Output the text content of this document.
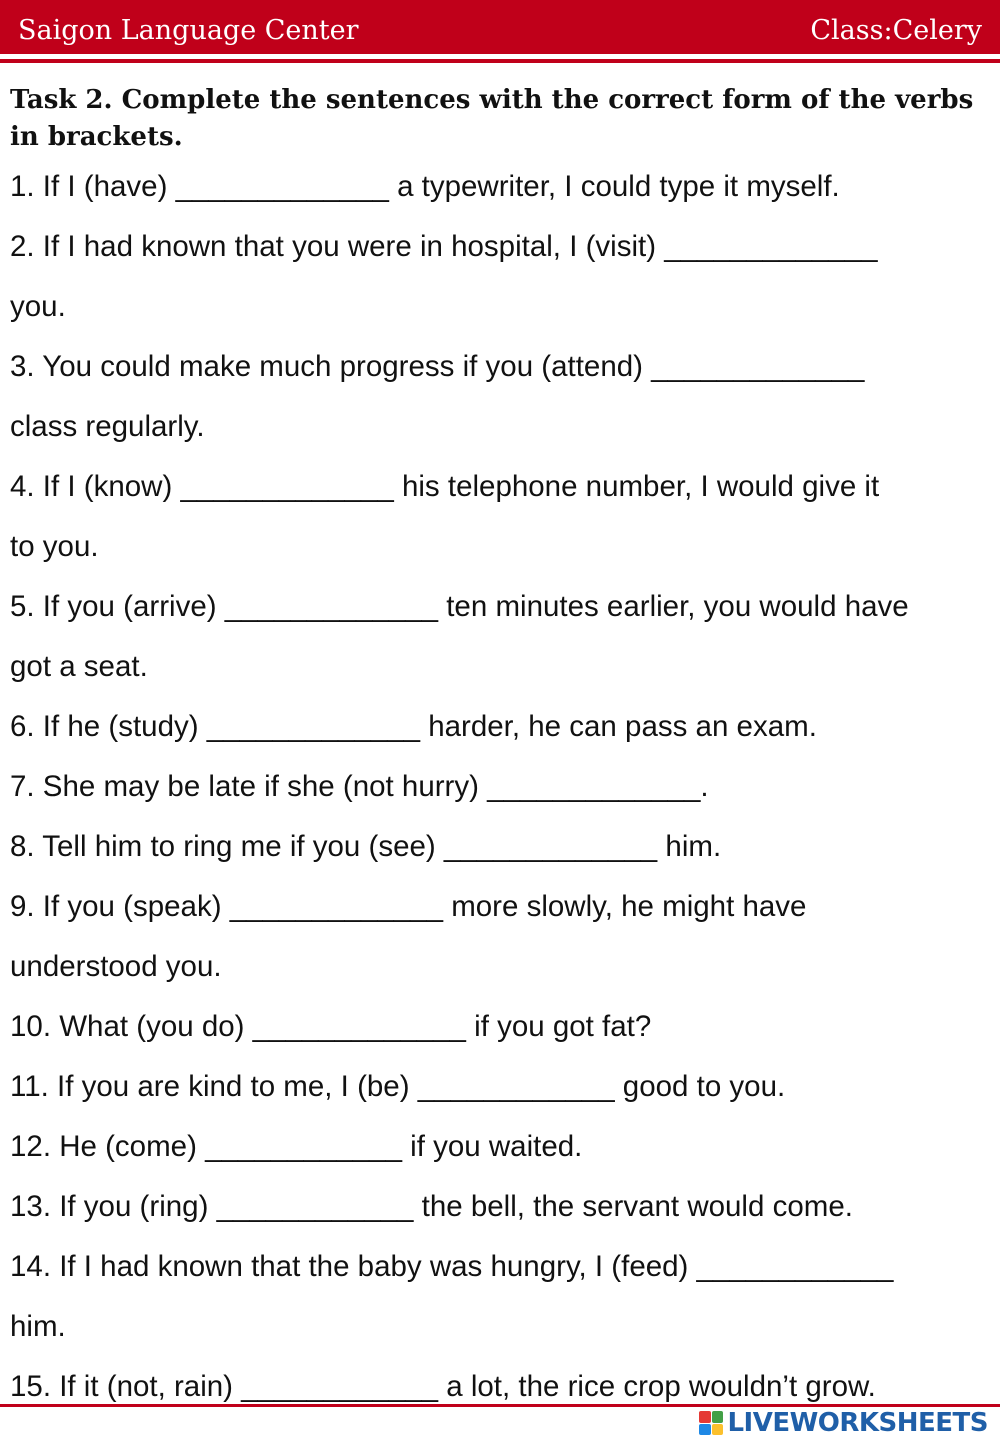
Saigon Language Center	Class:Celery
Task 2. Complete the sentences with the correct form of the verbs in brackets.
1. If I (have) _____________ a typewriter, I could type it myself.
2. If I had known that you were in hospital, I (visit) _____________
you.
3. You could make much progress if you (attend) _____________
class regularly.
4. If I (know) _____________ his telephone number, I would give it
to you.
5. If you (arrive) _____________ ten minutes earlier, you would have
got a seat.
6. If he (study) _____________ harder, he can pass an exam.
7. She may be late if she (not hurry) _____________.
8. Tell him to ring me if you (see) _____________ him.
9. If you (speak) _____________ more slowly, he might have
understood you.
10. What (you do) _____________ if you got fat?
11. If you are kind to me, I (be) ____________ good to you.
12. He (come) ____________ if you waited.
13. If you (ring) ____________ the bell, the servant would come.
14. If I had known that the baby was hungry, I (feed) ____________
him.
15. If it (not, rain) ____________ a lot, the rice crop wouldn’t grow.
LIVEWORKSHEETS
